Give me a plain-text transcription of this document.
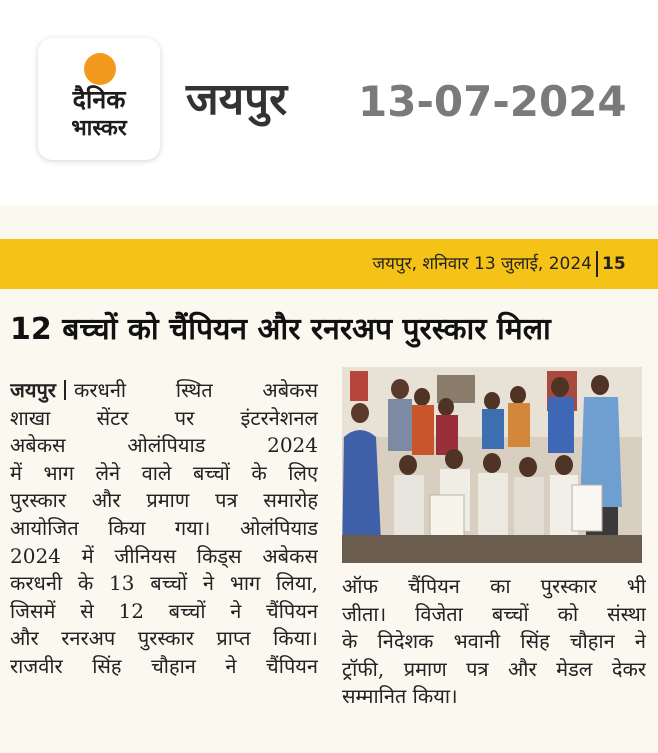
दैनिक
भास्कर
जयपुर 13-07-2024
जयपुर, शनिवार 13 जुलाई, 2024 15
12 बच्चों को चैंपियन और रनरअप पुरस्कार मिला
जयपुर करधनी स्थित अबेकस
शाखा सेंटर पर इंटरनेशनल
अबेकस ओलंपियाड 2024
में भाग लेने वाले बच्चों के लिए
पुरस्कार और प्रमाण पत्र समारोह
आयोजित किया गया। ओलंपियाड
2024 में जीनियस किड्स अबेकस
करधनी के 13 बच्चों ने भाग लिया,
जिसमें से 12 बच्चों ने चैंपियन
और रनरअप पुरस्कार प्राप्त किया।
राजवीर सिंह चौहान ने चैंपियन
ऑफ चैंपियन का पुरस्कार भी
जीता। विजेता बच्चों को संस्था
के निदेशक भवानी सिंह चौहान ने
ट्रॉफी, प्रमाण पत्र और मेडल देकर
सम्मानित किया।
